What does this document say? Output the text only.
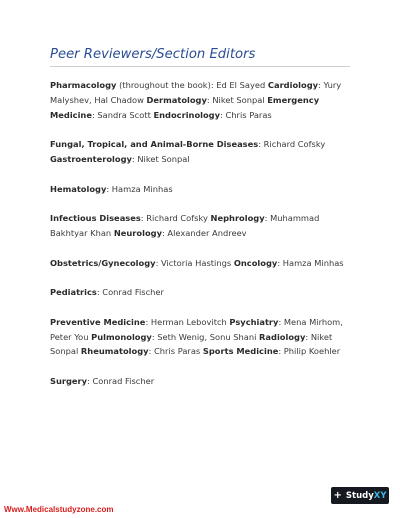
Peer Reviewers/Section Editors

Pharmacology (throughout the book): Ed El Sayed Cardiology: Yury Malyshev, Hal Chadow Dermatology: Niket Sonpal Emergency Medicine: Sandra Scott Endocrinology: Chris Paras

Fungal, Tropical, and Animal-Borne Diseases: Richard Cofsky Gastroenterology: Niket Sonpal

Hematology: Hamza Minhas

Infectious Diseases: Richard Cofsky Nephrology: Muhammad Bakhtyar Khan Neurology: Alexander Andreev

Obstetrics/Gynecology: Victoria Hastings Oncology: Hamza Minhas

Pediatrics: Conrad Fischer

Preventive Medicine: Herman Lebovitch Psychiatry: Mena Mirhom, Peter You Pulmonology: Seth Wenig, Sonu Shani Radiology: Niket Sonpal Rheumatology: Chris Paras Sports Medicine: Philip Koehler

Surgery: Conrad Fischer

+ Study XY
Www.Medicalstudyzone.com
